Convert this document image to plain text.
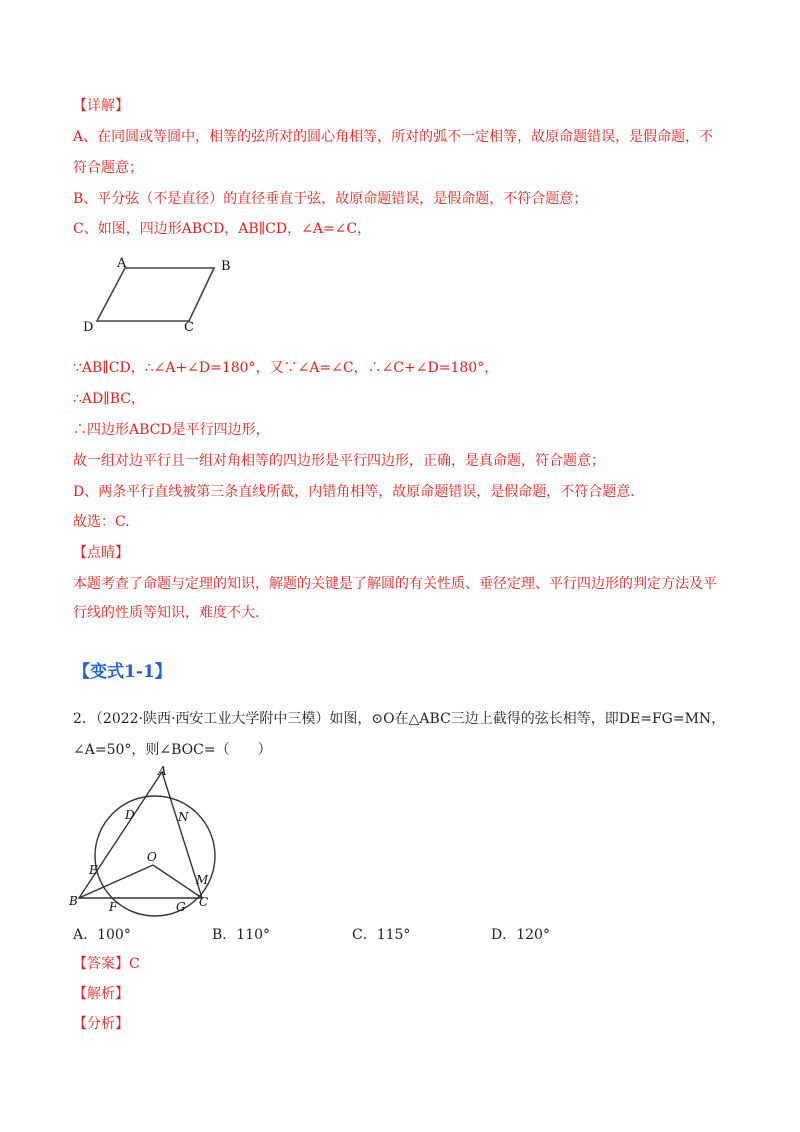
【详解】
A、在同圆或等圆中，相等的弦所对的圆心角相等，所对的弧不一定相等，故原命题错误，是假命题，不
符合题意；
B、平分弦（不是直径）的直径垂直于弦，故原命题错误，是假命题，不符合题意；
C、如图，四边形ABCD，AB∥CD，∠A=∠C，
A	B
C
D
∵AB∥CD，∴∠A+∠D=180°，又∵∠A=∠C，∴∠C+∠D=180°，
∴AD∥BC，
∴四边形ABCD是平行四边形，
故一组对边平行且一组对角相等的四边形是平行四边形，正确，是真命题，符合题意；
D、两条平行直线被第三条直线所截，内错角相等，故原命题错误，是假命题，不符合题意.
故选：C.
【点睛】
本题考查了命题与定理的知识，解题的关键是了解圆的有关性质、垂径定理、平行四边形的判定方法及平
行线的性质等知识，难度不大.
【变式1-1】
2．（2022·陕西·西安工业大学附中三模）如图，⊙O在△ABC三边上截得的弦长相等，即DE=FG=MN，
∠A=50°，则∠BOC=（　　）
A
D	N
O
E
M
B	F	G C
A．100°	B．110°	C．115°	D．120°
【答案】C
【解析】
【分析】
